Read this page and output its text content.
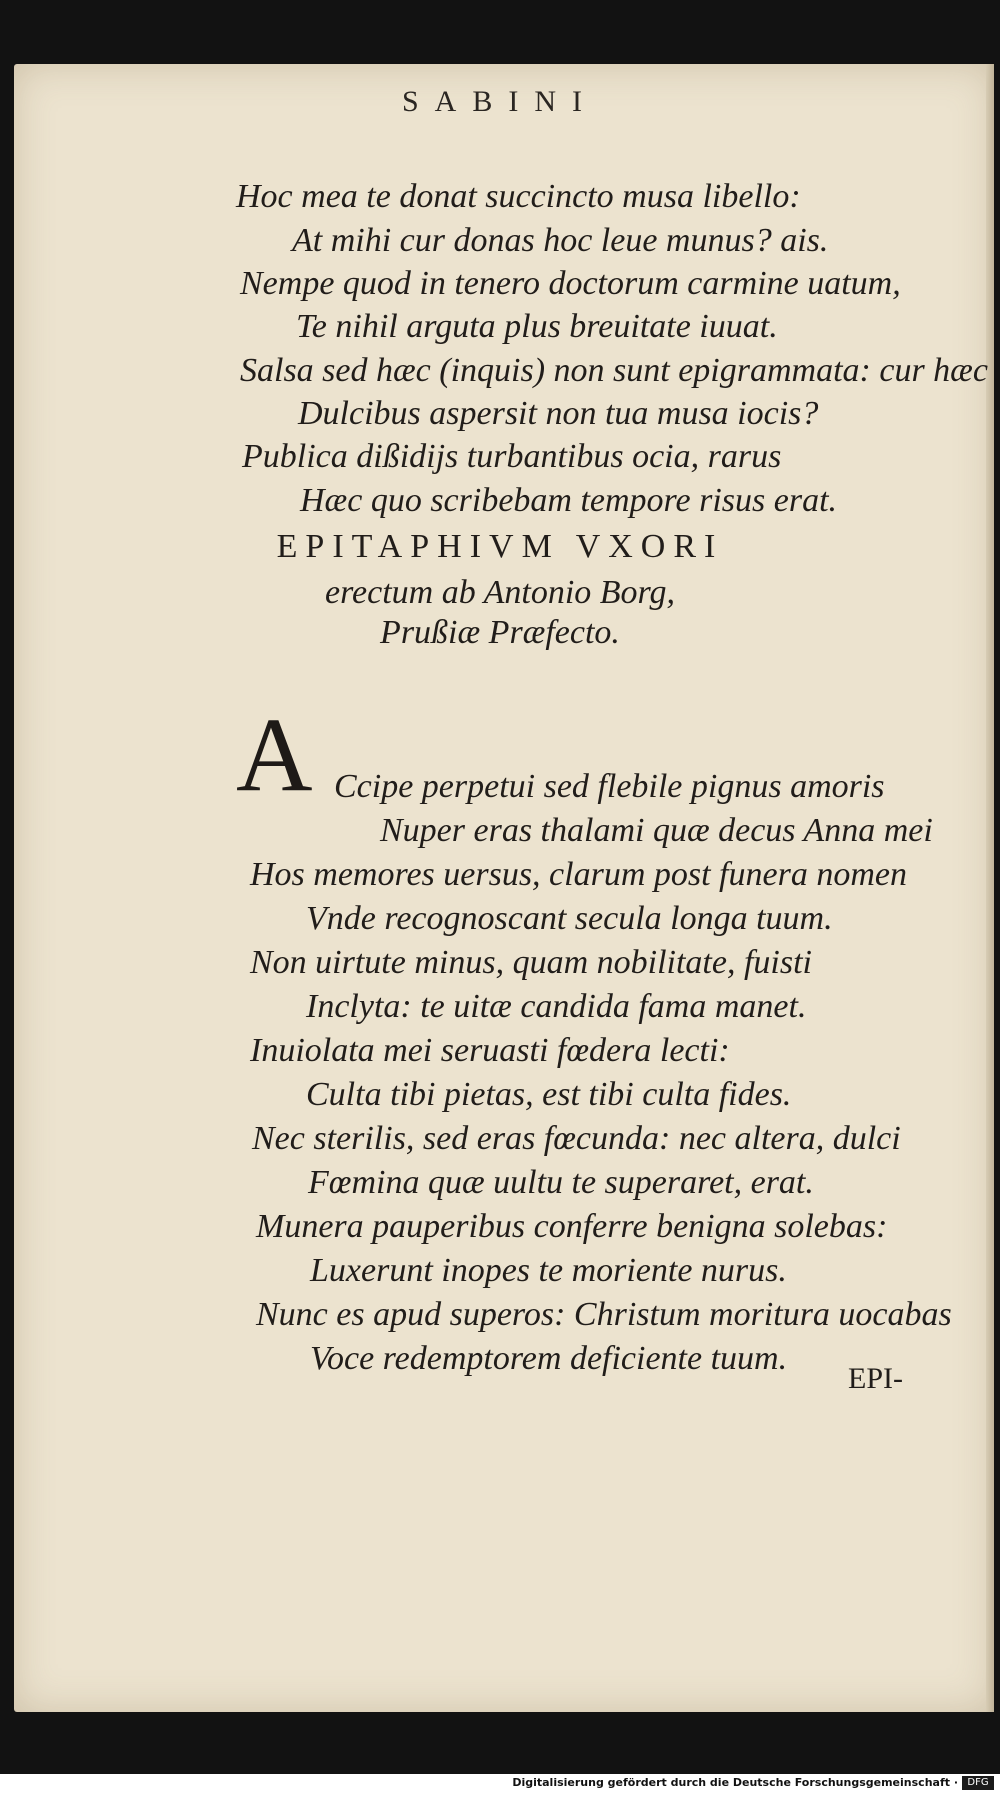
SABINI
Hoc mea te donat succincto musa libello:
At mihi cur donas hoc leue munus? ais.
Nempe quod in tenero doctorum carmine uatum,
Te nihil arguta plus breuitate iuuat.
Salsa sed hæc (inquis) non sunt epigrammata: cur hæc
Dulcibus aspersit non tua musa iocis?
Publica dißidijs turbantibus ocia, rarus
Hæc quo scribebam tempore risus erat.
EPITAPHIVM VXORI
erectum ab Antonio Borg,
Prußiæ Præfecto.
A Ccipe perpetui sed flebile pignus amoris
Nuper eras thalami quæ decus Anna mei
Hos memores uersus, clarum post funera nomen
Vnde recognoscant secula longa tuum.
Non uirtute minus, quam nobilitate, fuisti
Inclyta: te uitæ candida fama manet.
Inuiolata mei seruasti fœdera lecti:
Culta tibi pietas, est tibi culta fides.
Nec sterilis, sed eras fœcunda: nec altera, dulci
Fœmina quæ uultu te superaret, erat.
Munera pauperibus conferre benigna solebas:
Luxerunt inopes te moriente nurus.
Nunc es apud superos: Christum moritura uocabas
Voce redemptorem deficiente tuum.
EPI-
Digitalisierung gefördert durch die Deutsche Forschungsgemeinschaft · DFG
